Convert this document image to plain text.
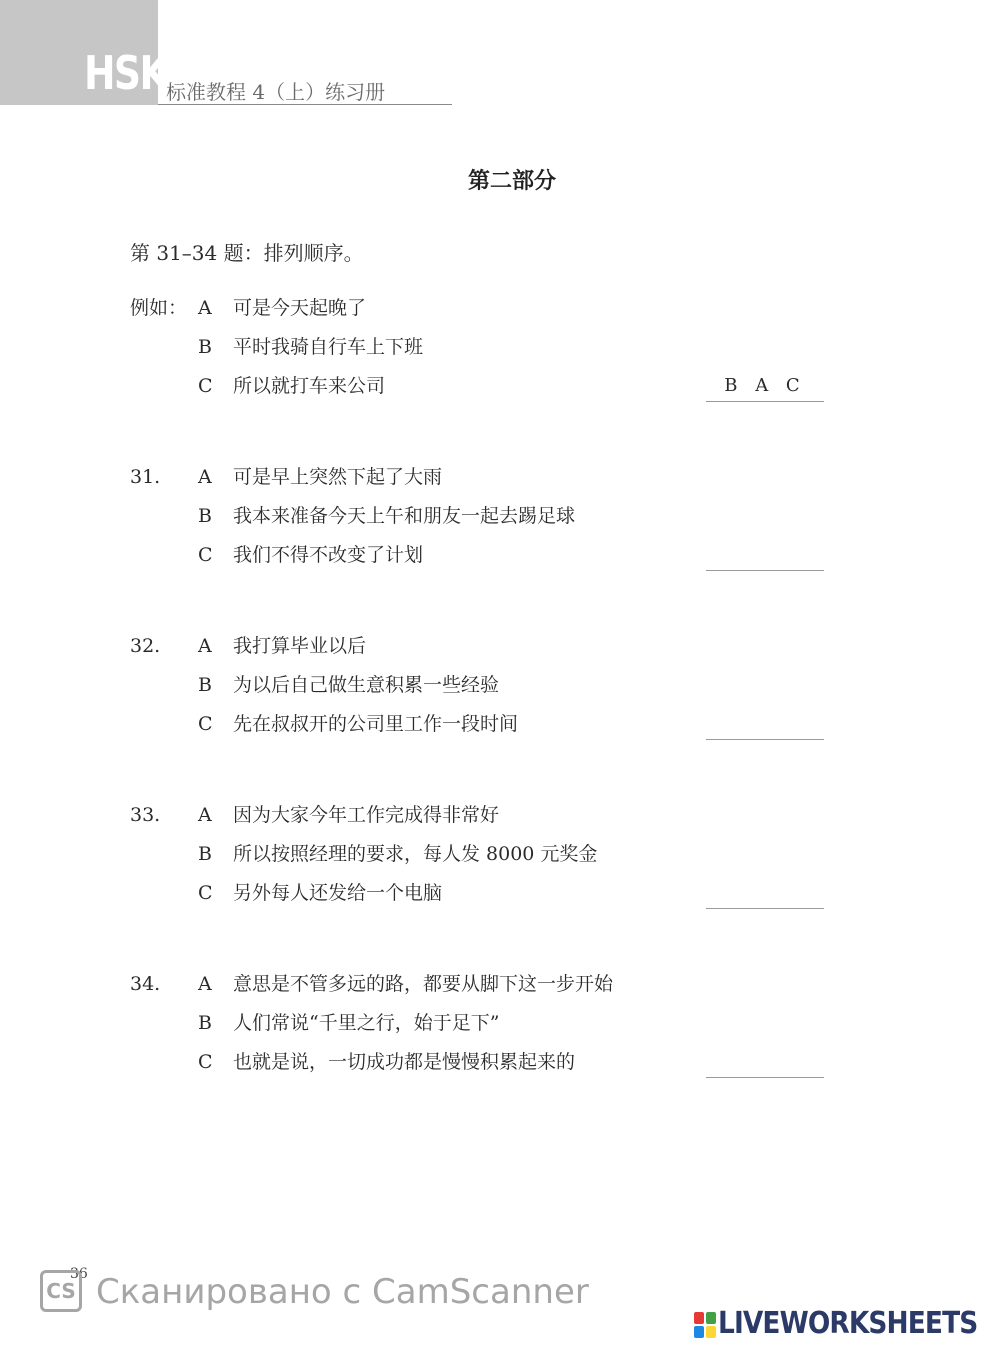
HSK
标准教程 4（上）练习册
第二部分
第 31–34 题：排列顺序。
例如： A	可是今天起晚了
B	平时我骑自行车上下班
C 所以就打车来公司	B A C
31. A	可是早上突然下起了大雨
B	我本来准备今天上午和朋友一起去踢足球
C 我们不得不改变了计划
32. A	我打算毕业以后
B	为以后自己做生意积累一些经验
C 先在叔叔开的公司里工作一段时间
33. A	因为大家今年工作完成得非常好
B	所以按照经理的要求，每人发 8000 元奖金
C 另外每人还发给一个电脑
34. A	意思是不管多远的路，都要从脚下这一步开始
B	人们常说“千里之行，始于足下”
C 也就是说，一切成功都是慢慢积累起来的
36
CS Сканировано с CamScanner
LIVEWORKSHEETS
